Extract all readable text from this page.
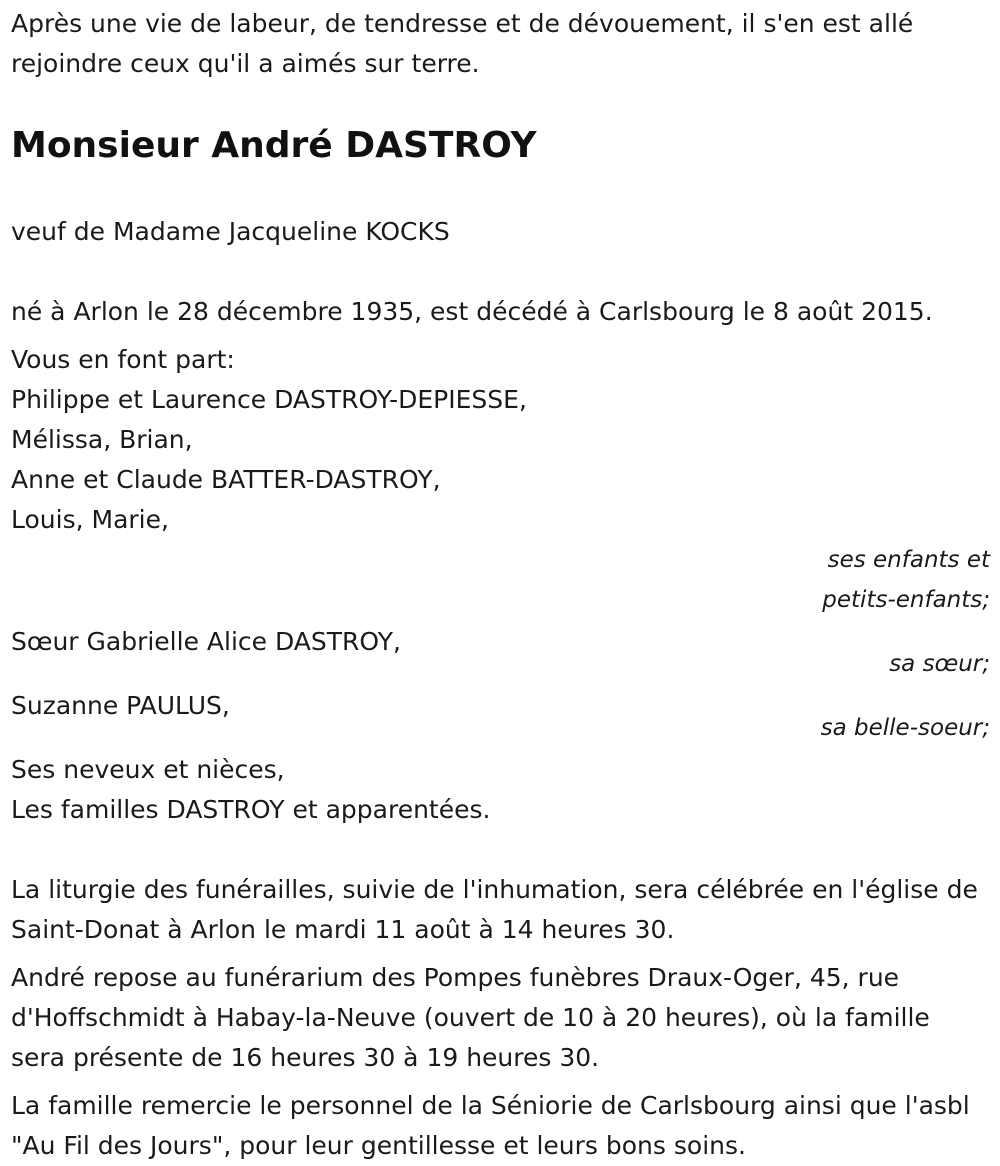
Après une vie de labeur, de tendresse et de dévouement, il s'en est allé rejoindre ceux qu'il a aimés sur terre.

Monsieur André DASTROY

veuf de Madame Jacqueline KOCKS

né à Arlon le 28 décembre 1935, est décédé à Carlsbourg le 8 août 2015.

Vous en font part:

Philippe et Laurence DASTROY-DEPIESSE,

Mélissa, Brian,

Anne et Claude BATTER-DASTROY,

Louis, Marie,

ses enfants et

petits-enfants;

Sœur Gabrielle Alice DASTROY,

sa sœur;

Suzanne PAULUS,

sa belle-soeur;

Ses neveux et nièces,

Les familles DASTROY et apparentées.

La liturgie des funérailles, suivie de l'inhumation, sera célébrée en l'église de Saint-Donat à Arlon le mardi 11 août à 14 heures 30.

André repose au funérarium des Pompes funèbres Draux-Oger, 45, rue d'Hoffschmidt à Habay-la-Neuve (ouvert de 10 à 20 heures), où la famille sera présente de 16 heures 30 à 19 heures 30.

La famille remercie le personnel de la Séniorie de Carlsbourg ainsi que l'asbl "Au Fil des Jours", pour leur gentillesse et leurs bons soins.
